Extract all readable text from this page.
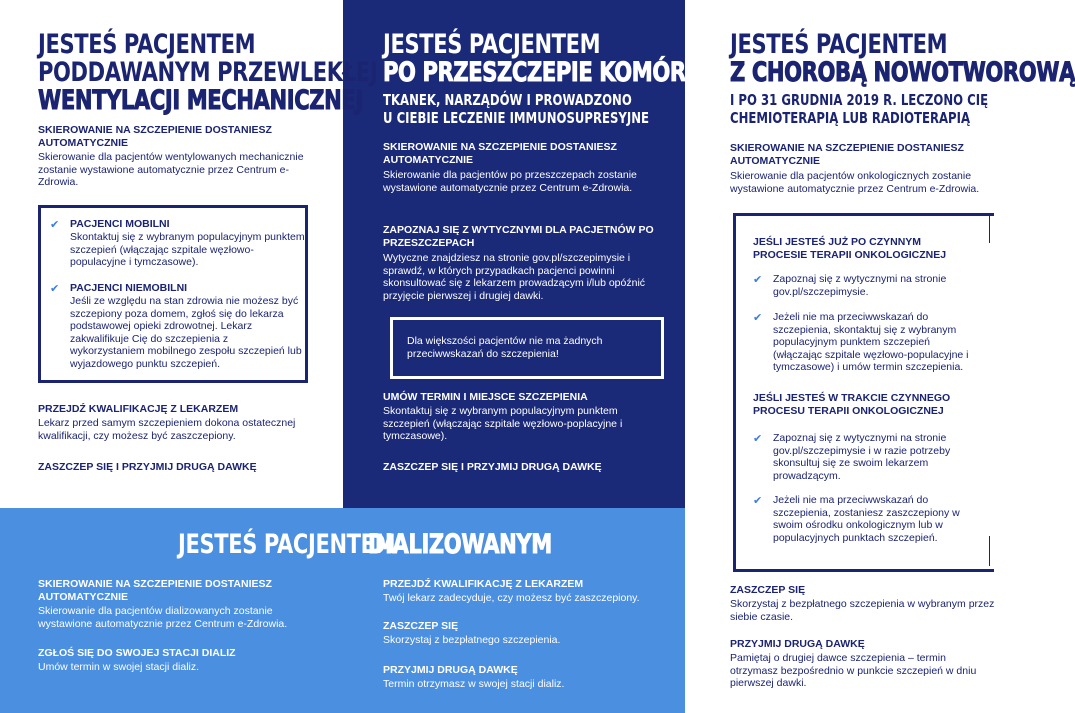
JESTEŚ PACJENTEM
PODDAWANYM PRZEWLEKŁEJ
WENTYLACJI MECHANICZNEJ
SKIEROWANIE NA SZCZEPIENIE DOSTANIESZ AUTOMATYCZNIE
Skierowanie dla pacjentów wentylowanych mechanicznie zostanie wystawione automatycznie przez Centrum e-Zdrowia.
✔	PACJENCI MOBILNI
Skontaktuj się z wybranym populacyjnym punktem szczepień (włączając szpitale węzłowo-populacyjne i tymczasowe).
✔	PACJENCI NIEMOBILNI
Jeśli ze względu na stan zdrowia nie możesz być szczepiony poza domem, zgłoś się do lekarza podstawowej opieki zdrowotnej. Lekarz zakwalifikuje Cię do szczepienia z wykorzystaniem mobilnego zespołu szczepień lub wyjazdowego punktu szczepień.
PRZEJDŹ KWALIFIKACJĘ Z LEKARZEM
Lekarz przed samym szczepieniem dokona ostatecznej kwalifikacji, czy możesz być zaszczepiony.
ZASZCZEP SIĘ I PRZYJMIJ DRUGĄ DAWKĘ
JESTEŚ PACJENTEM
PO PRZESZCZEPIE KOMÓREK,
TKANEK, NARZĄDÓW I PROWADZONO
U CIEBIE LECZENIE IMMUNOSUPRESYJNE
SKIEROWANIE NA SZCZEPIENIE DOSTANIESZ AUTOMATYCZNIE
Skierowanie dla pacjentów po przeszczepach zostanie wystawione automatycznie przez Centrum e-Zdrowia.
ZAPOZNAJ SIĘ Z WYTYCZNYMI DLA PACJETNÓW PO PRZESZCZEPACH
Wytyczne znajdziesz na stronie gov.pl/szczepimysie i sprawdź, w których przypadkach pacjenci powinni skonsultować się z lekarzem prowadzącym i/lub opóźnić przyjęcie pierwszej i drugiej dawki.
Dla większości pacjentów nie ma żadnych przeciwwskazań do szczepienia!
UMÓW TERMIN I MIEJSCE SZCZEPIENIA
Skontaktuj się z wybranym populacyjnym punktem szczepień (włączając szpitale węzłowo-poplacyjne i tymczasowe).
ZASZCZEP SIĘ I PRZYJMIJ DRUGĄ DAWKĘ
JESTEŚ PACJENTEM
Z CHOROBĄ NOWOTWOROWĄ
I PO 31 GRUDNIA 2019 R. LECZONO CIĘ
CHEMIOTERAPIĄ LUB RADIOTERAPIĄ
SKIEROWANIE NA SZCZEPIENIE DOSTANIESZ AUTOMATYCZNIE
Skierowanie dla pacjentów onkologicznych zostanie wystawione automatycznie przez Centrum e-Zdrowia.
JEŚLI JESTEŚ JUŻ PO CZYNNYM PROCESIE TERAPII ONKOLOGICZNEJ
✔	Zapoznaj się z wytycznymi na stronie gov.pl/szczepimysie.
✔	Jeżeli nie ma przeciwwskazań do szczepienia, skontaktuj się z wybranym populacyjnym punktem szczepień (włączając szpitale węzłowo-populacyjne i tymczasowe) i umów termin szczepienia.
JEŚLI JESTEŚ W TRAKCIE CZYNNEGO PROCESU TERAPII ONKOLOGICZNEJ
✔	Zapoznaj się z wytycznymi na stronie gov.pl/szczepimysie i w razie potrzeby skonsultuj się ze swoim lekarzem prowadzącym.
✔	Jeżeli nie ma przeciwwskazań do szczepienia, zostaniesz zaszczepiony w swoim ośrodku onkologicznym lub w populacyjnych punktach szczepień.
ZASZCZEP SIĘ
Skorzystaj z bezpłatnego szczepienia w wybranym przez siebie czasie.
PRZYJMIJ DRUGĄ DAWKĘ
Pamiętaj o drugiej dawce szczepienia – termin otrzymasz bezpośrednio w punkcie szczepień w dniu pierwszej dawki.
JESTEŚ PACJENTEM
DIALIZOWANYM
SKIEROWANIE NA SZCZEPIENIE DOSTANIESZ AUTOMATYCZNIE
Skierowanie dla pacjentów dializowanych zostanie wystawione automatycznie przez Centrum e-Zdrowia.
ZGŁOŚ SIĘ DO SWOJEJ STACJI DIALIZ
Umów termin w swojej stacji dializ.
PRZEJDŹ KWALIFIKACJĘ Z LEKARZEM
Twój lekarz zadecyduje, czy możesz być zaszczepiony.
ZASZCZEP SIĘ
Skorzystaj z bezpłatnego szczepienia.
PRZYJMIJ DRUGĄ DAWKĘ
Termin otrzymasz w swojej stacji dializ.
